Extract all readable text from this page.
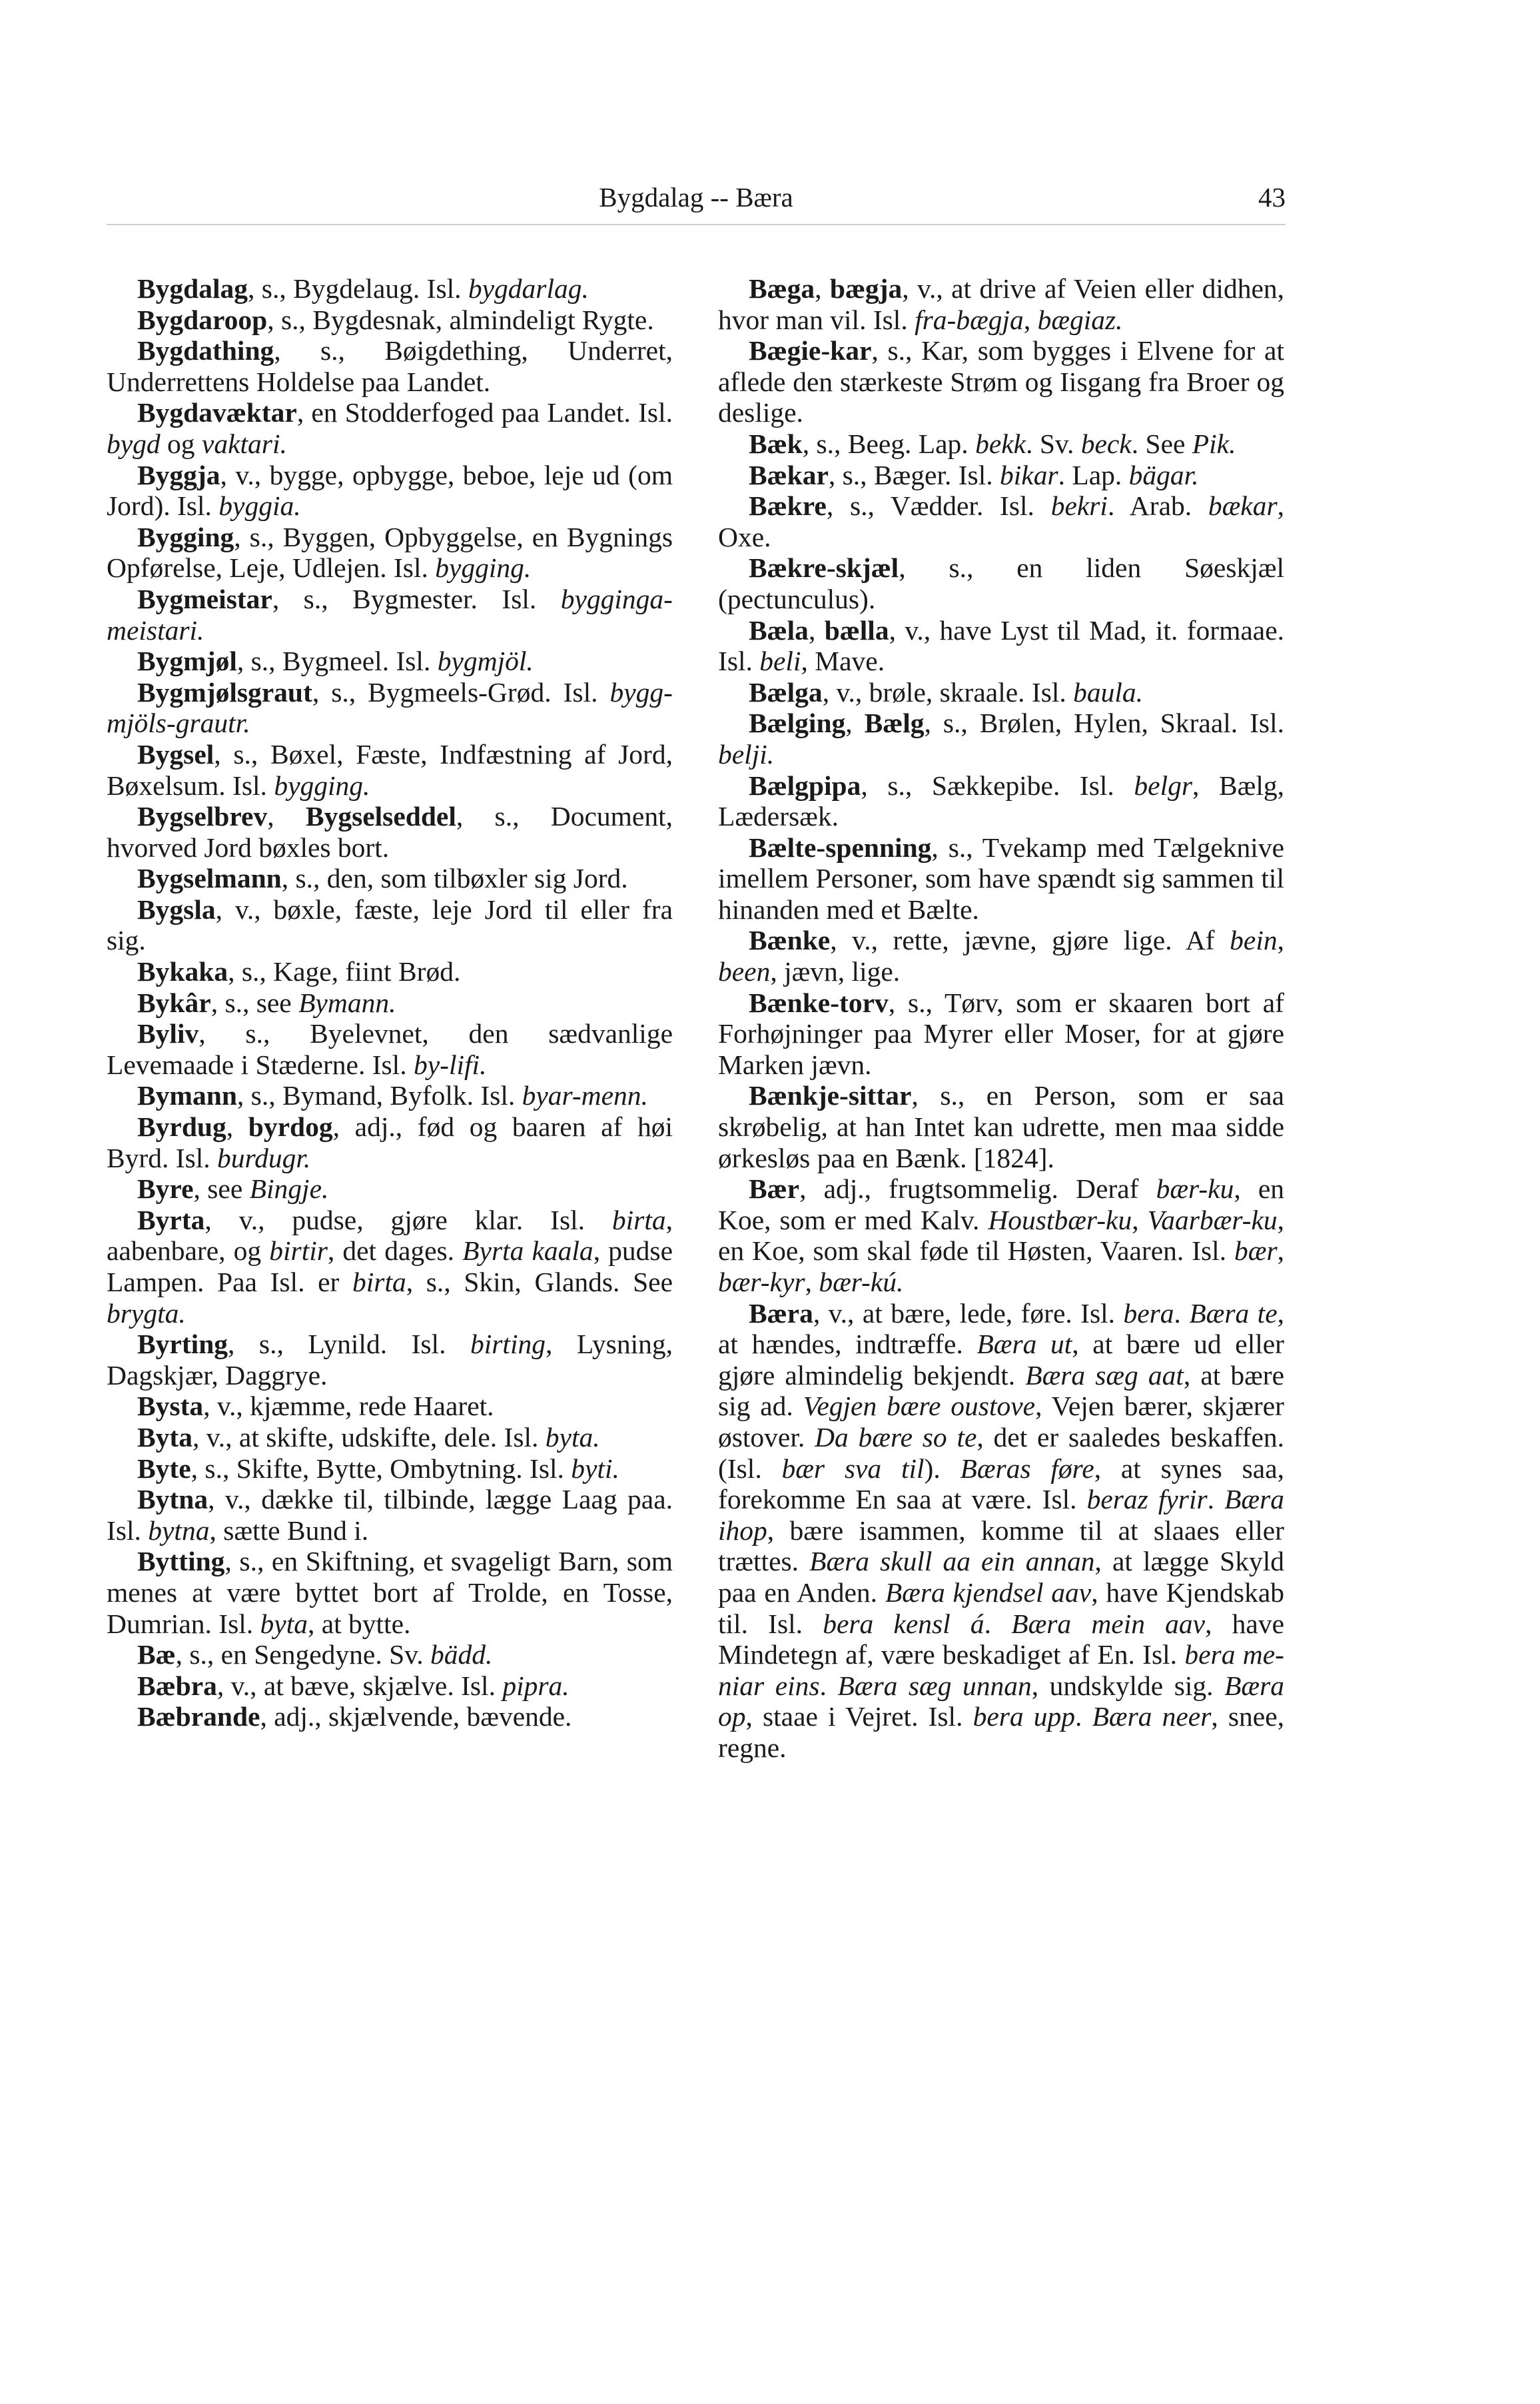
Bygdalag -- Bæra	43

Bygdalag, s., Bygdelaug. Isl. bygdarlag.

Bygdaroop, s., Bygdesnak, almindeligt Rygte.

Bygdathing, s., Bøigdething, Underret, Underrettens Holdelse paa Landet.

Bygdavæktar, en Stodderfoged paa Landet. Isl. bygd og vaktari.

Byggja, v., bygge, opbygge, beboe, leje ud (om Jord). Isl. byggia.

Bygging, s., Byggen, Opbyggelse, en Bygnings Opførelse, Leje, Udlejen. Isl. bygging.

Bygmeistar, s., Bygmester. Isl. bygginga-meistari.

Bygmjøl, s., Bygmeel. Isl. bygmjöl.

Bygmjølsgraut, s., Bygmeels-Grød. Isl. bygg-mjöls-grautr.

Bygsel, s., Bøxel, Fæste, Indfæstning af Jord, Bøxelsum. Isl. bygging.

Bygselbrev, Bygselseddel, s., Document, hvorved Jord bøxles bort.

Bygselmann, s., den, som tilbøxler sig Jord.

Bygsla, v., bøxle, fæste, leje Jord til eller fra sig.

Bykaka, s., Kage, fiint Brød.

Bykâr, s., see Bymann.

Byliv, s., Byelevnet, den sædvanlige Levemaade i Stæderne. Isl. by-lifi.

Bymann, s., Bymand, Byfolk. Isl. byar-menn.

Byrdug, byrdog, adj., fød og baaren af høi Byrd. Isl. burdugr.

Byre, see Bingje.

Byrta, v., pudse, gjøre klar. Isl. birta, aabenbare, og birtir, det dages. Byrta kaala, pudse Lampen. Paa Isl. er birta, s., Skin, Glands. See brygta.

Byrting, s., Lynild. Isl. birting, Lysning, Dagskjær, Daggrye.

Bysta, v., kjæmme, rede Haaret.

Byta, v., at skifte, udskifte, dele. Isl. byta.

Byte, s., Skifte, Bytte, Ombytning. Isl. byti.

Bytna, v., dække til, tilbinde, lægge Laag paa. Isl. bytna, sætte Bund i.

Bytting, s., en Skiftning, et svageligt Barn, som menes at være byttet bort af Trolde, en Tosse, Dumrian. Isl. byta, at bytte.

Bæ, s., en Sengedyne. Sv. bädd.

Bæbra, v., at bæve, skjælve. Isl. pipra.

Bæbrande, adj., skjælvende, bævende.

Bæga, bægja, v., at drive af Veien eller didhen, hvor man vil. Isl. fra-bægja, bægiaz.

Bægie-kar, s., Kar, som bygges i Elvene for at aflede den stærkeste Strøm og Iisgang fra Broer og deslige.

Bæk, s., Beeg. Lap. bekk. Sv. beck. See Pik.

Bækar, s., Bæger. Isl. bikar. Lap. bägar.

Bækre, s., Vædder. Isl. bekri. Arab. bækar, Oxe.

Bækre-skjæl, s., en liden Søeskjæl (pectunculus).

Bæla, bælla, v., have Lyst til Mad, it. formaae. Isl. beli, Mave.

Bælga, v., brøle, skraale. Isl. baula.

Bælging, Bælg, s., Brølen, Hylen, Skraal. Isl. belji.

Bælgpipa, s., Sækkepibe. Isl. belgr, Bælg, Lædersæk.

Bælte-spenning, s., Tvekamp med Tælgeknive imellem Personer, som have spændt sig sammen til hinanden med et Bælte.

Bænke, v., rette, jævne, gjøre lige. Af bein, been, jævn, lige.

Bænke-torv, s., Tørv, som er skaaren bort af Forhøjninger paa Myrer eller Moser, for at gjøre Marken jævn.

Bænkje-sittar, s., en Person, som er saa skrøbelig, at han Intet kan udrette, men maa sidde ørkesløs paa en Bænk. [1824].

Bær, adj., frugtsommelig. Deraf bær-ku, en Koe, som er med Kalv. Houstbær-ku, Vaarbær-ku, en Koe, som skal føde til Høsten, Vaaren. Isl. bær, bær-kyr, bær-kú.

Bæra, v., at bære, lede, føre. Isl. bera. Bæra te, at hændes, indtræffe. Bæra ut, at bære ud eller gjøre almindelig bekjendt. Bæra sæg aat, at bære sig ad. Vegjen bære oustove, Vejen bærer, skjærer østover. Da bære so te, det er saaledes beskaffen. (Isl. bær sva til). Bæras føre, at synes saa, forekomme En saa at være. Isl. beraz fyrir. Bæra ihop, bære isammen, komme til at slaaes eller trættes. Bæra skull aa ein annan, at lægge Skyld paa en Anden. Bæra kjendsel aav, have Kjendskab til. Isl. bera kensl á. Bæra mein aav, have Mindetegn af, være beskadiget af En. Isl. bera meniar eins. Bæra sæg unnan, undskylde sig. Bæra op, staae i Vejret. Isl. bera upp. Bæra neer, snee, regne.
